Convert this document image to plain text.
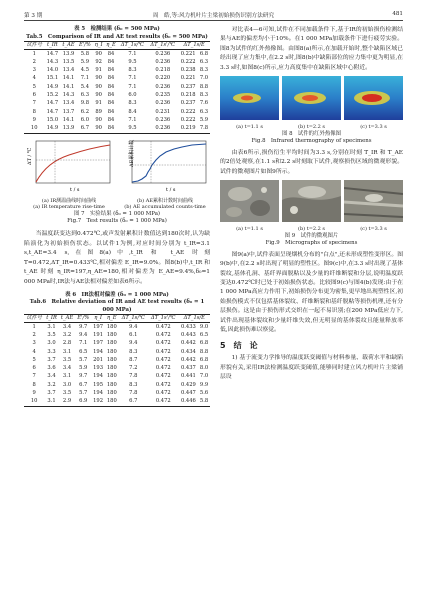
第 3 期	周　皓,等:风力机叶片主梁初始损伤识别方法研究	481
表 5　检测结果 (δ₀ = 500 MPa)
Tab.5　Comparison of IR and AE test results (δ₀ = 500 MPa)
试件号	t_IR	t_AE	E'/%	η_I	η_E	ΔT_1s/℃	ΔT_1s'/℃	ΔT_1s/E	
1	14.7	13.9	5.8	90	84	7.1	0.236	0.221	6.8
2	14.3	13.5	5.9	92	84	9.5	0.236	0.222	6.3
3	14.0	13.4	4.5	91	84	8.3	0.218	0.238	8.3
4	15.1	14.1	7.1	90	84	7.1	0.220	0.221	7.0
5	14.9	14.1	5.4	90	84	7.1	0.236	0.237	8.8
6	15.2	14.3	6.3	90	84	6.0	0.235	0.218	8.3
7	14.7	13.4	9.8	91	84	8.3	0.236	0.237	7.6
8	14.7	13.7	6.2	89	84	8.4	0.231	0.222	6.3
9	15.0	14.1	6.0	90	84	7.1	0.236	0.222	5.9
10	14.9	13.9	6.7	90	84	9.5	0.236	0.219	7.8
ΔT / ℃
t / s
AE累积计数
t / s
(a) IR测温曲线时间曲线
(a) IR temperature rise-time
(b) AE累积计数时间曲线
(b) AE accumulated counts-time
图 7　实验结果 (δ₀ = 1 000 MPa)
Fig.7　Test results (δ₀ = 1 000 MPa)

当温度跃变达到0.472℃,或声发射累积计数值达到180次时,认为缺陷演化为初始损伤状态。以试件1为例,对应时间分别为 t_IR=3.1 s,t_AE=3.4 s,在图8(a)中,t_IR 和 t_AE 时刻 T=0.472,ΔT_IR=0.433℃,相对偏差 E_IR=9.0%。图8(b)中,t_IR 和 t_AE 时刻 η_IR=197,η_AE=180,相对偏差为 E_AE=9.4%,δ₀=1 000 MPa时,IR法与AE法相对偏差如表6所示。

表 6　IR法相对偏差 (δ₀ = 1 000 MPa)
Tab.6　Relative deviation of IR and AE test results (δ₀ = 1 000 MPa)
试件号	t_IR	t_AE	E'/%	η_I	η_E	ΔT_1s/℃	ΔT_1s'/℃	ΔT_1s/E	
1	3.1	3.4	9.7	197	180	9.4	0.472	0.433	9.0
2	3.5	3.2	9.4	191	180	6.1	0.472	0.443	6.5
3	3.0	2.8	7.1	197	180	9.4	0.472	0.442	6.8
4	3.3	3.1	6.5	194	180	8.3	0.472	0.434	8.8
5	3.7	3.5	5.7	201	180	8.7	0.472	0.442	6.8
6	3.6	3.4	5.9	193	180	7.2	0.472	0.437	8.0
7	3.4	3.1	9.7	194	180	7.8	0.472	0.441	7.0
8	3.2	3.0	6.7	195	180	8.3	0.472	0.429	9.9
9	3.7	3.5	5.7	194	180	7.8	0.472	0.447	5.6
10	3.1	2.9	6.9	192	180	6.7	0.472	0.446	5.8

对比表4—6可知,试件在不同加载条件下,基于IR的初始损伤检测结果与AE的偏差均小于10%。在1 000 MPa加载条件下进行疲劳实验。图8为试件的红外热像图。由图8(a)所示,在加载开始时,整个缺陷区域已经出现了应力集中,在2.2 s时,图8(b)中缺陷部位的应力集中更为明显,在3.3 s时,如图8(c)所示,应力高度集中在缺陷区域中心附近。

(a) t=1.1 s	(b) t=2.2 s	(c) t=3.3 s
图 8　试件的红外热像图
Fig.8　Infrared thermography of specimens

由表6所示,损伤衍生平均时间为3.3 s,分别在时刻 T_IR 和 T_AE 的2倍处观察,在1.1 s和2.2 s时刻取下试件,观察损伤区域的微观形貌。试件的微观图片如图9所示。

(a) t=1.1 s	(b) t=2.2 s	(c) t=3.3 s
图 9　试件的微观图片
Fig.9　Micrographs of specimens

图9(a)中,试件表面呈现烟机分布的"白点",还未形成塑性变形区。图9(b)中,在2.2 s时出现了明显的塑性区。图9(c)中,在3.3 s时出现了基体裂纹,基体孔洞、基纤界面脱粘以及少量的纤维断裂和分层,说明温度跃变达0.472℃时已处于初始损伤状态。比较图9(c)与图4(b)发现:由于在1 000 MPa高应力作用下,初始损伤分布更为密集,更早地出现塑性区,初始损伤模式不仅包括基体裂纹、纤维断裂和基纤脱粘等损伤机理,还有分层损伤。这是由于损伤形式交织在一起不易识别;在200 MPa低应力下,试件出现基体裂纹和少量纤维失效,但无明显的基体裂纹且能量释放率低,因此损伤难以察觉。

5　结　论

1) 基于流变力学推导的温度跃变阈值与材料参量、载荷水平和缺陷形貌有关,采用IR法检测温度跃变阈值,能够同时建立风力机叶片主梁铺层设
